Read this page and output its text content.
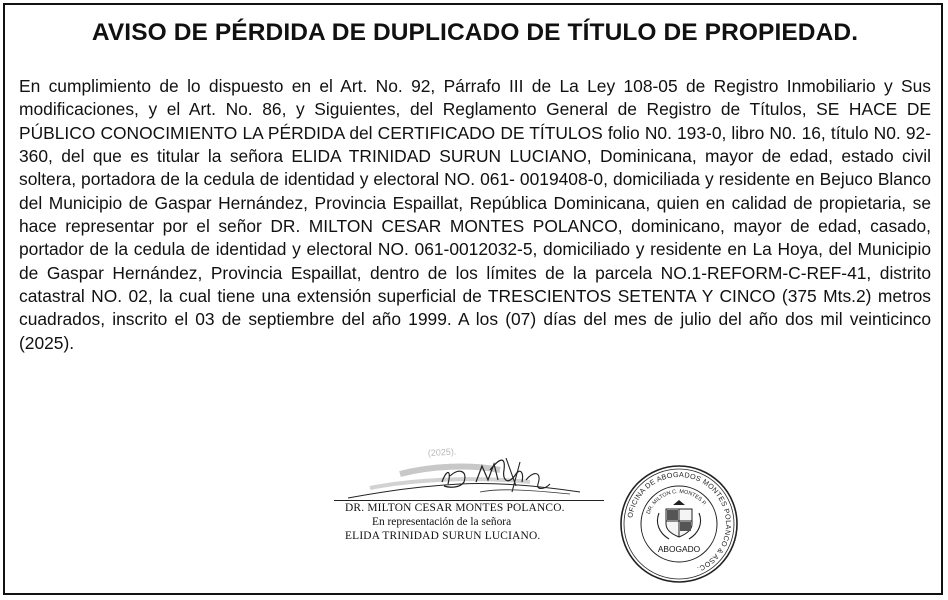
AVISO DE PÉRDIDA DE DUPLICADO DE TÍTULO DE PROPIEDAD.

En cumplimiento de lo dispuesto en el Art. No. 92, Párrafo III de La Ley 108-05 de Registro Inmobiliario y Sus modificaciones, y el Art. No. 86, y Siguientes, del Reglamento General de Registro de Títulos, SE HACE DE PÚBLICO CONOCIMIENTO LA PÉRDIDA del CERTIFICADO DE TÍTULOS folio N0. 193-0, libro N0. 16, título N0. 92-360, del que es titular la señora ELIDA TRINIDAD SURUN LUCIANO, Dominicana, mayor de edad, estado civil soltera, portadora de la cedula de identidad y electoral NO. 061- 0019408-0, domiciliada y residente en Bejuco Blanco del Municipio de Gaspar Hernández, Provincia Espaillat, República Dominicana, quien en calidad de propietaria, se hace representar por el señor DR. MILTON CESAR MONTES POLANCO, dominicano, mayor de edad, casado, portador de la cedula de identidad y electoral NO. 061-0012032-5, domiciliado y residente en La Hoya, del Municipio de Gaspar Hernández, Provincia Espaillat, dentro de los límites de la parcela NO.1-REFORM-C-REF-41, distrito catastral NO. 02, la cual tiene una extensión superficial de TRESCIENTOS SETENTA Y CINCO (375 Mts.2) metros cuadrados, inscrito el 03 de septiembre del año 1999. A los (07) días del mes de julio del año dos mil veinticinco (2025).

(2025).
DR. MILTON CESAR MONTES POLANCO.
En representación de la señora
ELIDA TRINIDAD SURUN LUCIANO.
OFICINA DE ABOGADOS MONTES POLANCO & ASOC.
DR. MILTON C. MONTES P.
ABOGADO
